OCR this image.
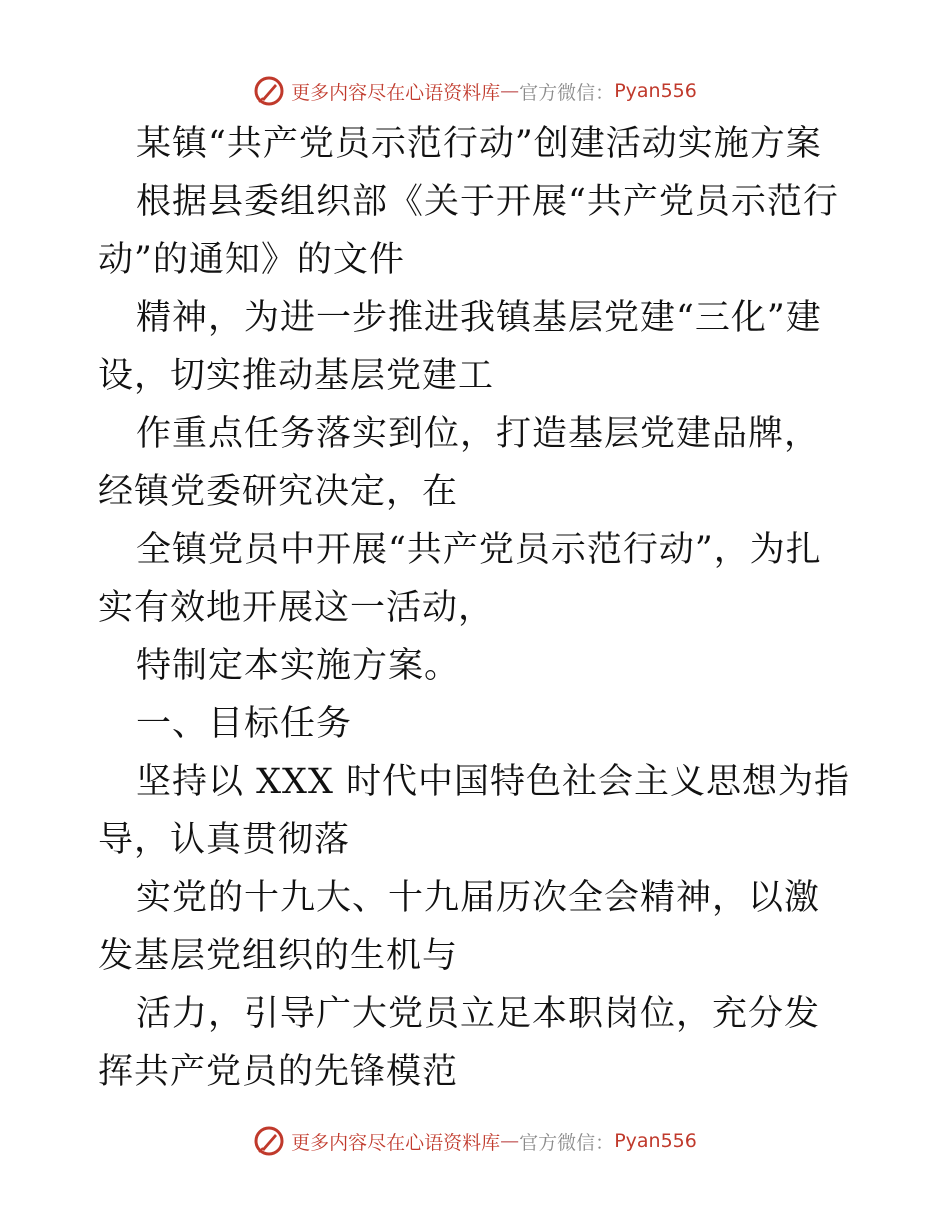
更多内容尽在心语资料库 — 官方微信： Pyan556

某镇“共产党员示范行动”创建活动实施方案

根据县委组织部《关于开展“共产党员示范行动”的通知》的文件

精神，为进一步推进我镇基层党建“三化”建设，切实推动基层党建工

作重点任务落实到位，打造基层党建品牌，经镇党委研究决定，在

全镇党员中开展“共产党员示范行动”，为扎实有效地开展这一活动，

特制定本实施方案。

一、目标任务

坚持以 XXX 时代中国特色社会主义思想为指导，认真贯彻落

实党的十九大、十九届历次全会精神，以激发基层党组织的生机与

活力，引导广大党员立足本职岗位，充分发挥共产党员的先锋模范

更多内容尽在心语资料库 — 官方微信： Pyan556
